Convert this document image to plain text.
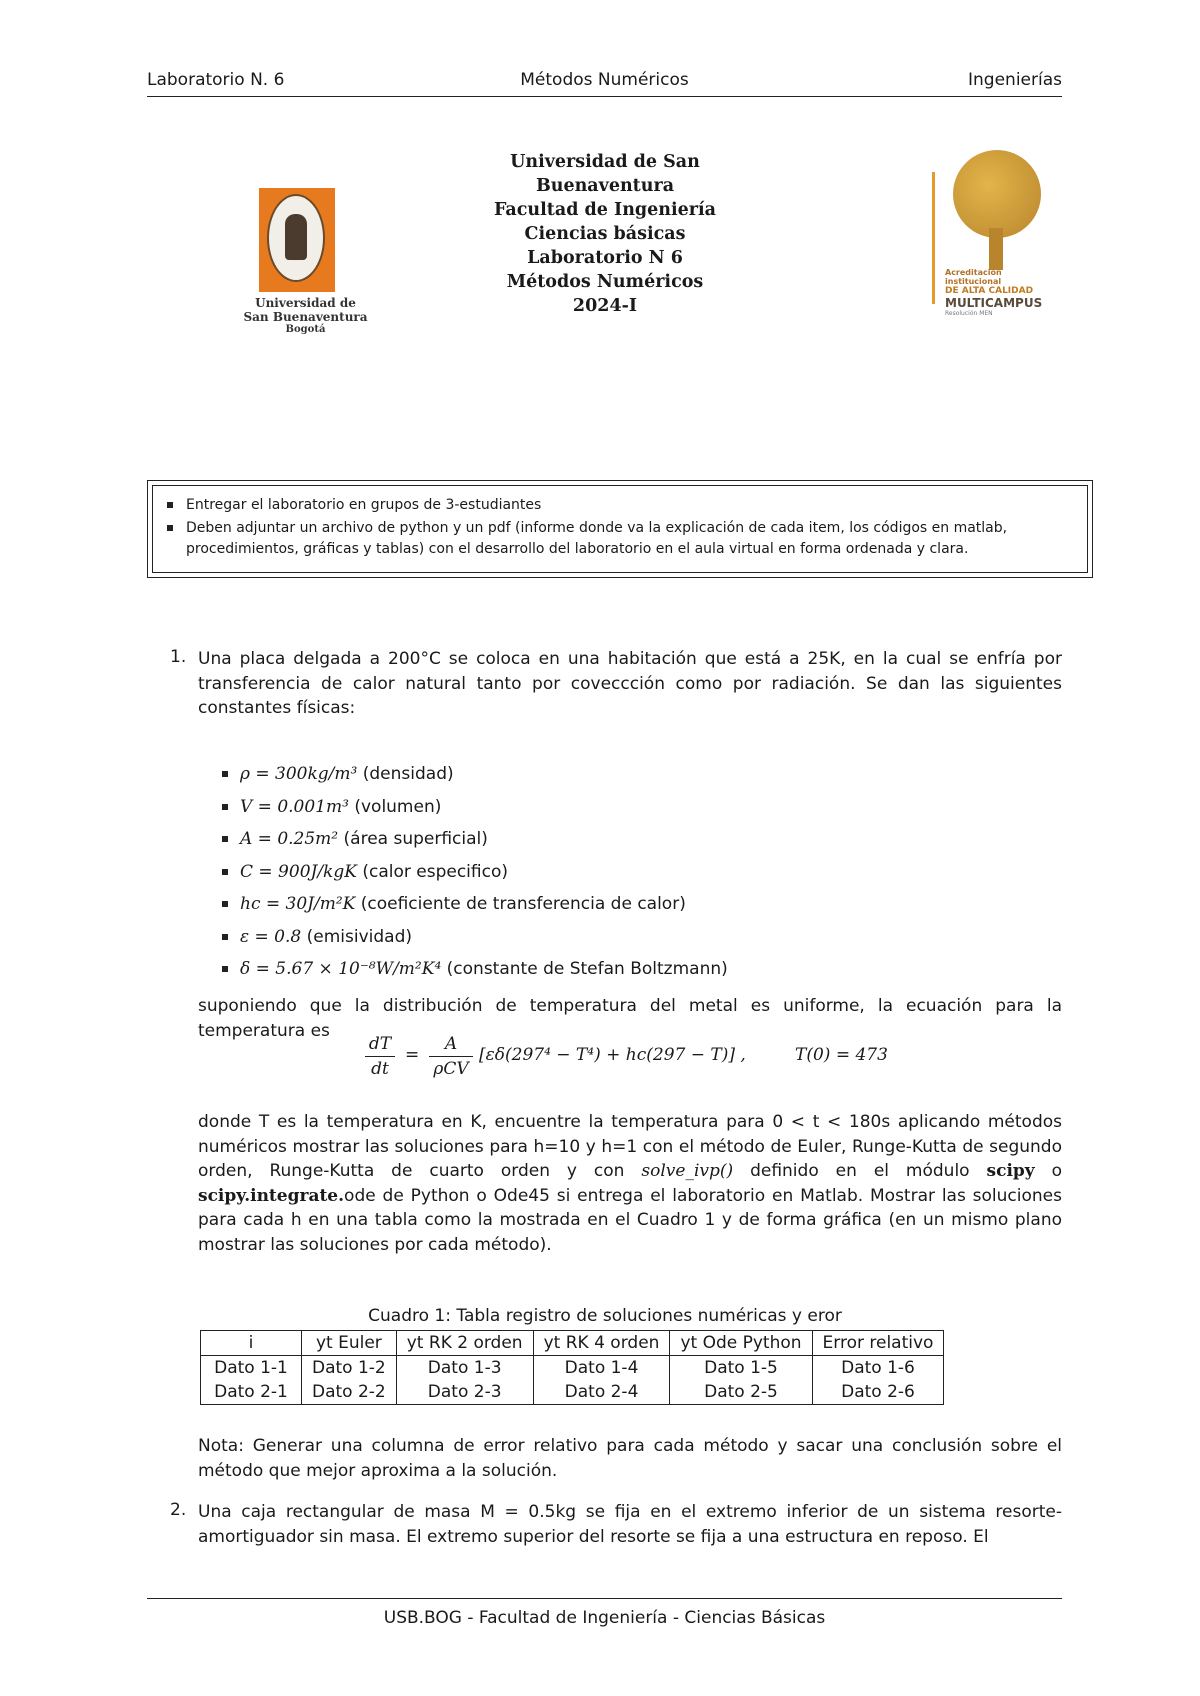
Laboratorio N. 6	Métodos Numéricos	Ingenierías
Universidad de
San Buenaventura
Bogotá
Universidad de San
Buenaventura
Facultad de Ingeniería
Ciencias básicas
Laboratorio N 6
Métodos Numéricos
2024-I
Acreditación institucional
DE ALTA CALIDAD
MULTICAMPUS
Resolución MEN
Entregar el laboratorio en grupos de 3-estudiantes
Deben adjuntar un archivo de python y un pdf (informe donde va la explicación de cada item, los códigos en matlab, procedimientos, gráficas y tablas) con el desarrollo del laboratorio en el aula virtual en forma ordenada y clara.
1. Una placa delgada a 200°C se coloca en una habitación que está a 25K, en la cual se enfría por transferencia de calor natural tanto por coveccción como por radiación. Se dan las siguientes constantes físicas:
ρ = 300kg/m³ (densidad)
V = 0.001m³ (volumen)
A = 0.25m² (área superficial)
C = 900J/kgK (calor especifico)
hc = 30J/m²K (coeficiente de transferencia de calor)
ε = 0.8 (emisividad)
δ = 5.67 × 10⁻⁸W/m²K⁴ (constante de Stefan Boltzmann)
suponiendo que la distribución de temperatura del metal es uniforme, la ecuación para la temperatura es
$\frac{dT}{dt}$ =
A
ρCV
[εδ(297⁴ − T⁴) + hc(297 − T)] ,	T(0) = 473
donde T es la temperatura en K, encuentre la temperatura para 0 < t < 180s aplicando métodos numéricos mostrar las soluciones para h=10 y h=1 con el método de Euler, Runge-Kutta de segundo orden, Runge-Kutta de cuarto orden y con solve_ivp() definido en el módulo scipy o scipy.integrate.ode de Python o Ode45 si entrega el laboratorio en Matlab. Mostrar las soluciones para cada h en una tabla como la mostrada en el Cuadro 1 y de forma gráfica (en un mismo plano mostrar las soluciones por cada método).
Cuadro 1: Tabla registro de soluciones numéricas y eror
i	yt Euler	yt RK 2 orden	yt RK 4 orden	yt Ode Python	Error relativo
Dato 1-1	Dato 1-2	Dato 1-3	Dato 1-4	Dato 1-5	Dato 1-6
Dato 2-1	Dato 2-2	Dato 2-3	Dato 2-4	Dato 2-5	Dato 2-6
Nota: Generar una columna de error relativo para cada método y sacar una conclusión sobre el método que mejor aproxima a la solución.
2. Una caja rectangular de masa M = 0.5kg se fija en el extremo inferior de un sistema resorte-amortiguador sin masa. El extremo superior del resorte se fija a una estructura en reposo. El
USB.BOG - Facultad de Ingeniería - Ciencias Básicas
